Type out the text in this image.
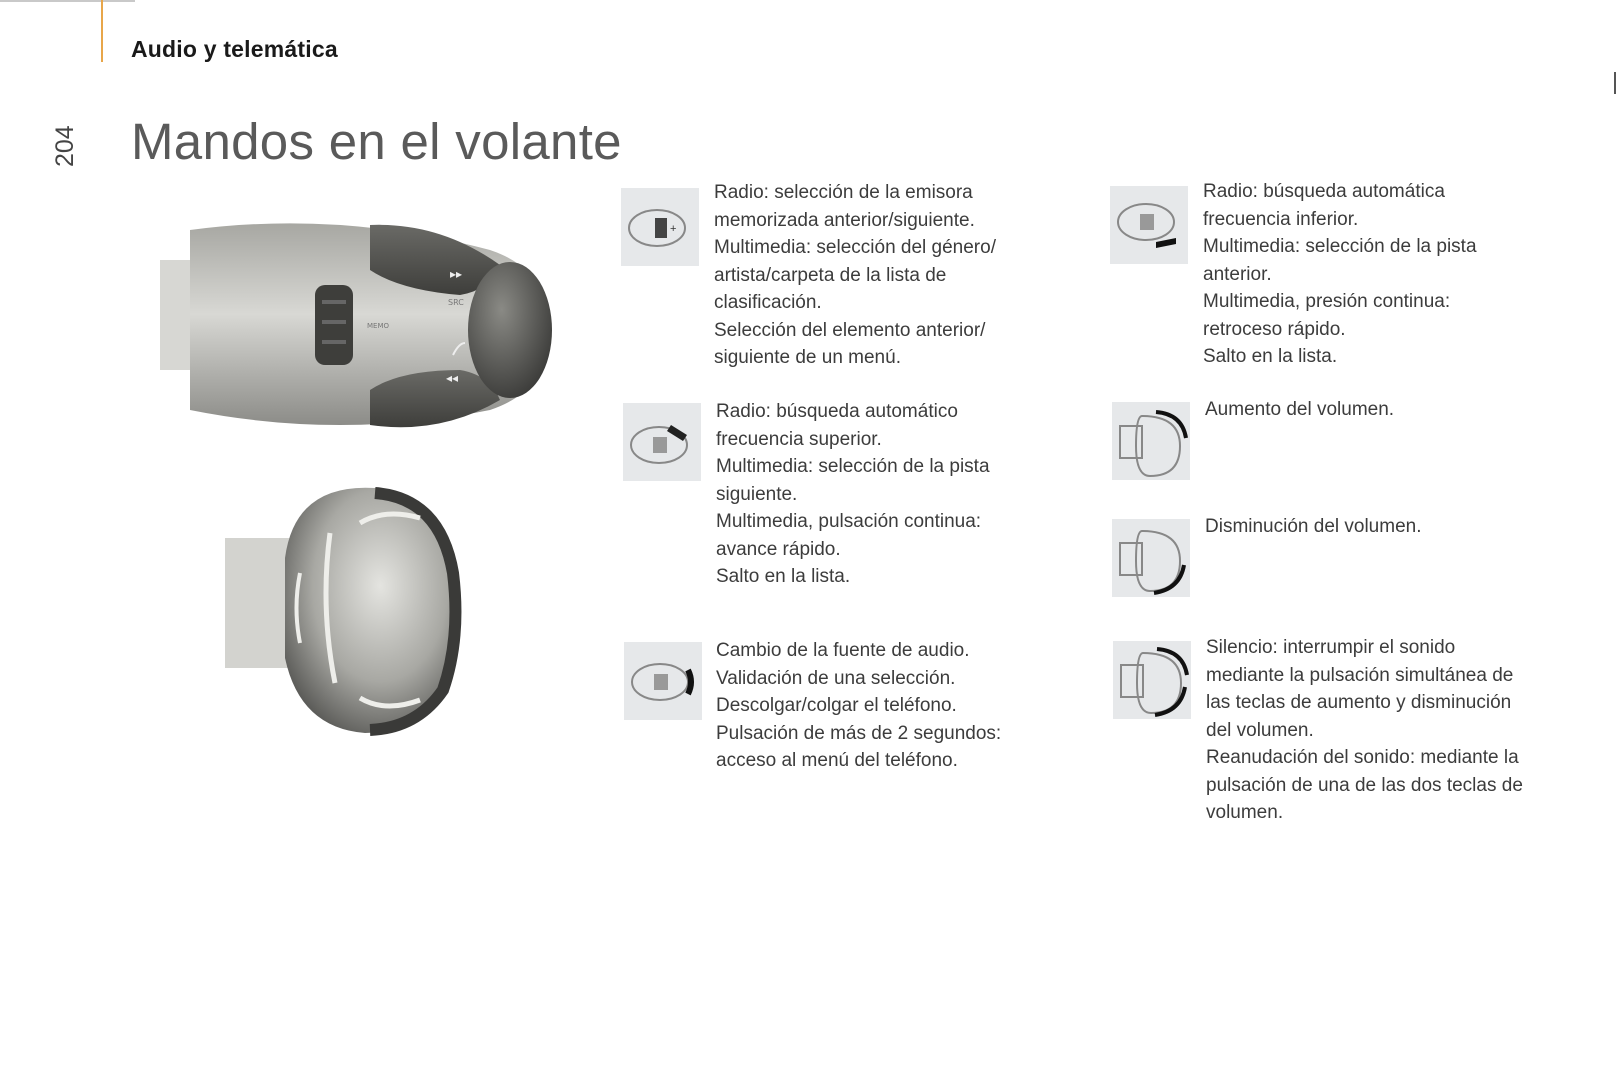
Audio y telemática
204 Mandos en el volante
▸▸
◂◂
SRC
MEMO
+
Radio: selección de la emisora
memorizada anterior/siguiente.
Multimedia: selección del género/
artista/carpeta de la lista de
clasificación.
Selección del elemento anterior/
siguiente de un menú.
Radio: búsqueda automático
frecuencia superior.
Multimedia: selección de la pista
siguiente.
Multimedia, pulsación continua:
avance rápido.
Salto en la lista.
Cambio de la fuente de audio.
Validación de una selección.
Descolgar/colgar el teléfono.
Pulsación de más de 2 segundos:
acceso al menú del teléfono.
Radio: búsqueda automática
frecuencia inferior.
Multimedia: selección de la pista
anterior.
Multimedia, presión continua:
retroceso rápido.
Salto en la lista.
Aumento del volumen.
Disminución del volumen.
Silencio: interrumpir el sonido
mediante la pulsación simultánea de
las teclas de aumento y disminución
del volumen.
Reanudación del sonido: mediante la
pulsación de una de las dos teclas de
volumen.
